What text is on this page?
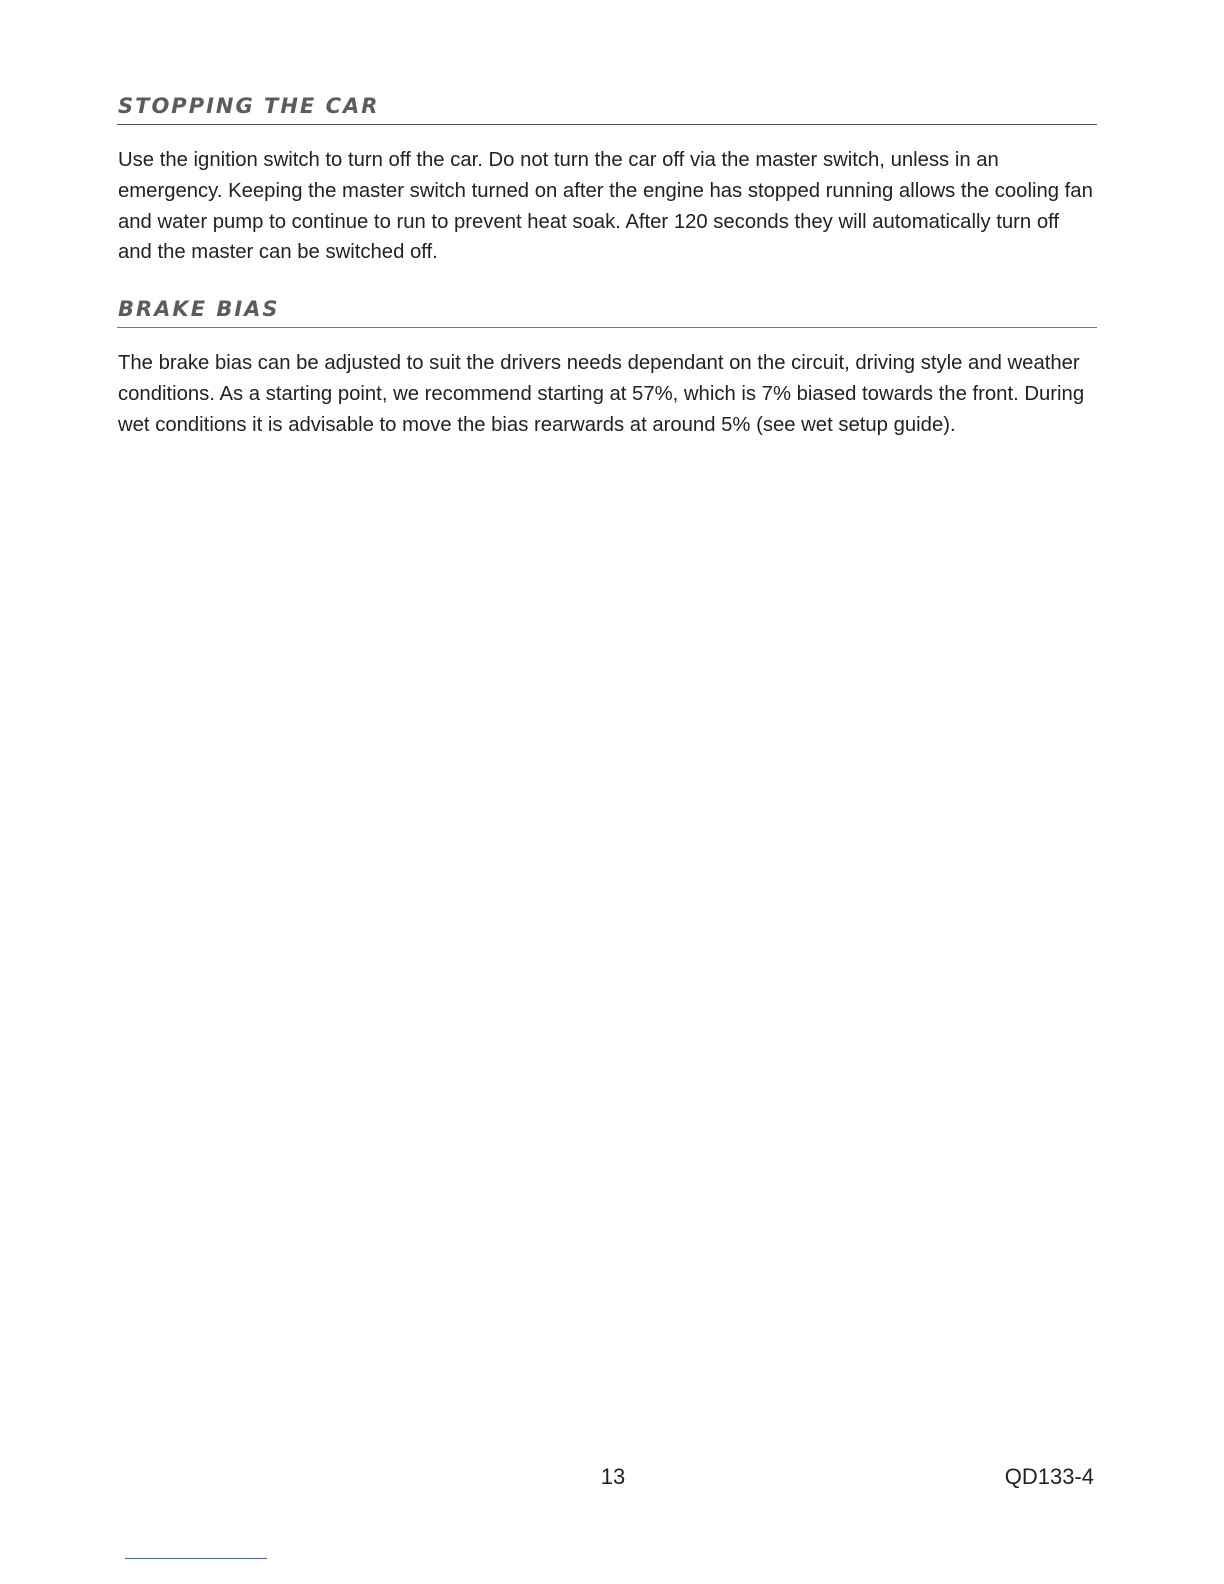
STOPPING THE CAR

Use the ignition switch to turn off the car. Do not turn the car off via the master switch, unless in an emergency. Keeping the master switch turned on after the engine has stopped running allows the cooling fan and water pump to continue to run to prevent heat soak. After 120 seconds they will automatically turn off and the master can be switched off.

BRAKE BIAS

The brake bias can be adjusted to suit the drivers needs dependant on the circuit, driving style and weather conditions. As a starting point, we recommend starting at 57%, which is 7% biased towards the front. During wet conditions it is advisable to move the bias rearwards at around 5% (see wet setup guide).

13	QD133-4
